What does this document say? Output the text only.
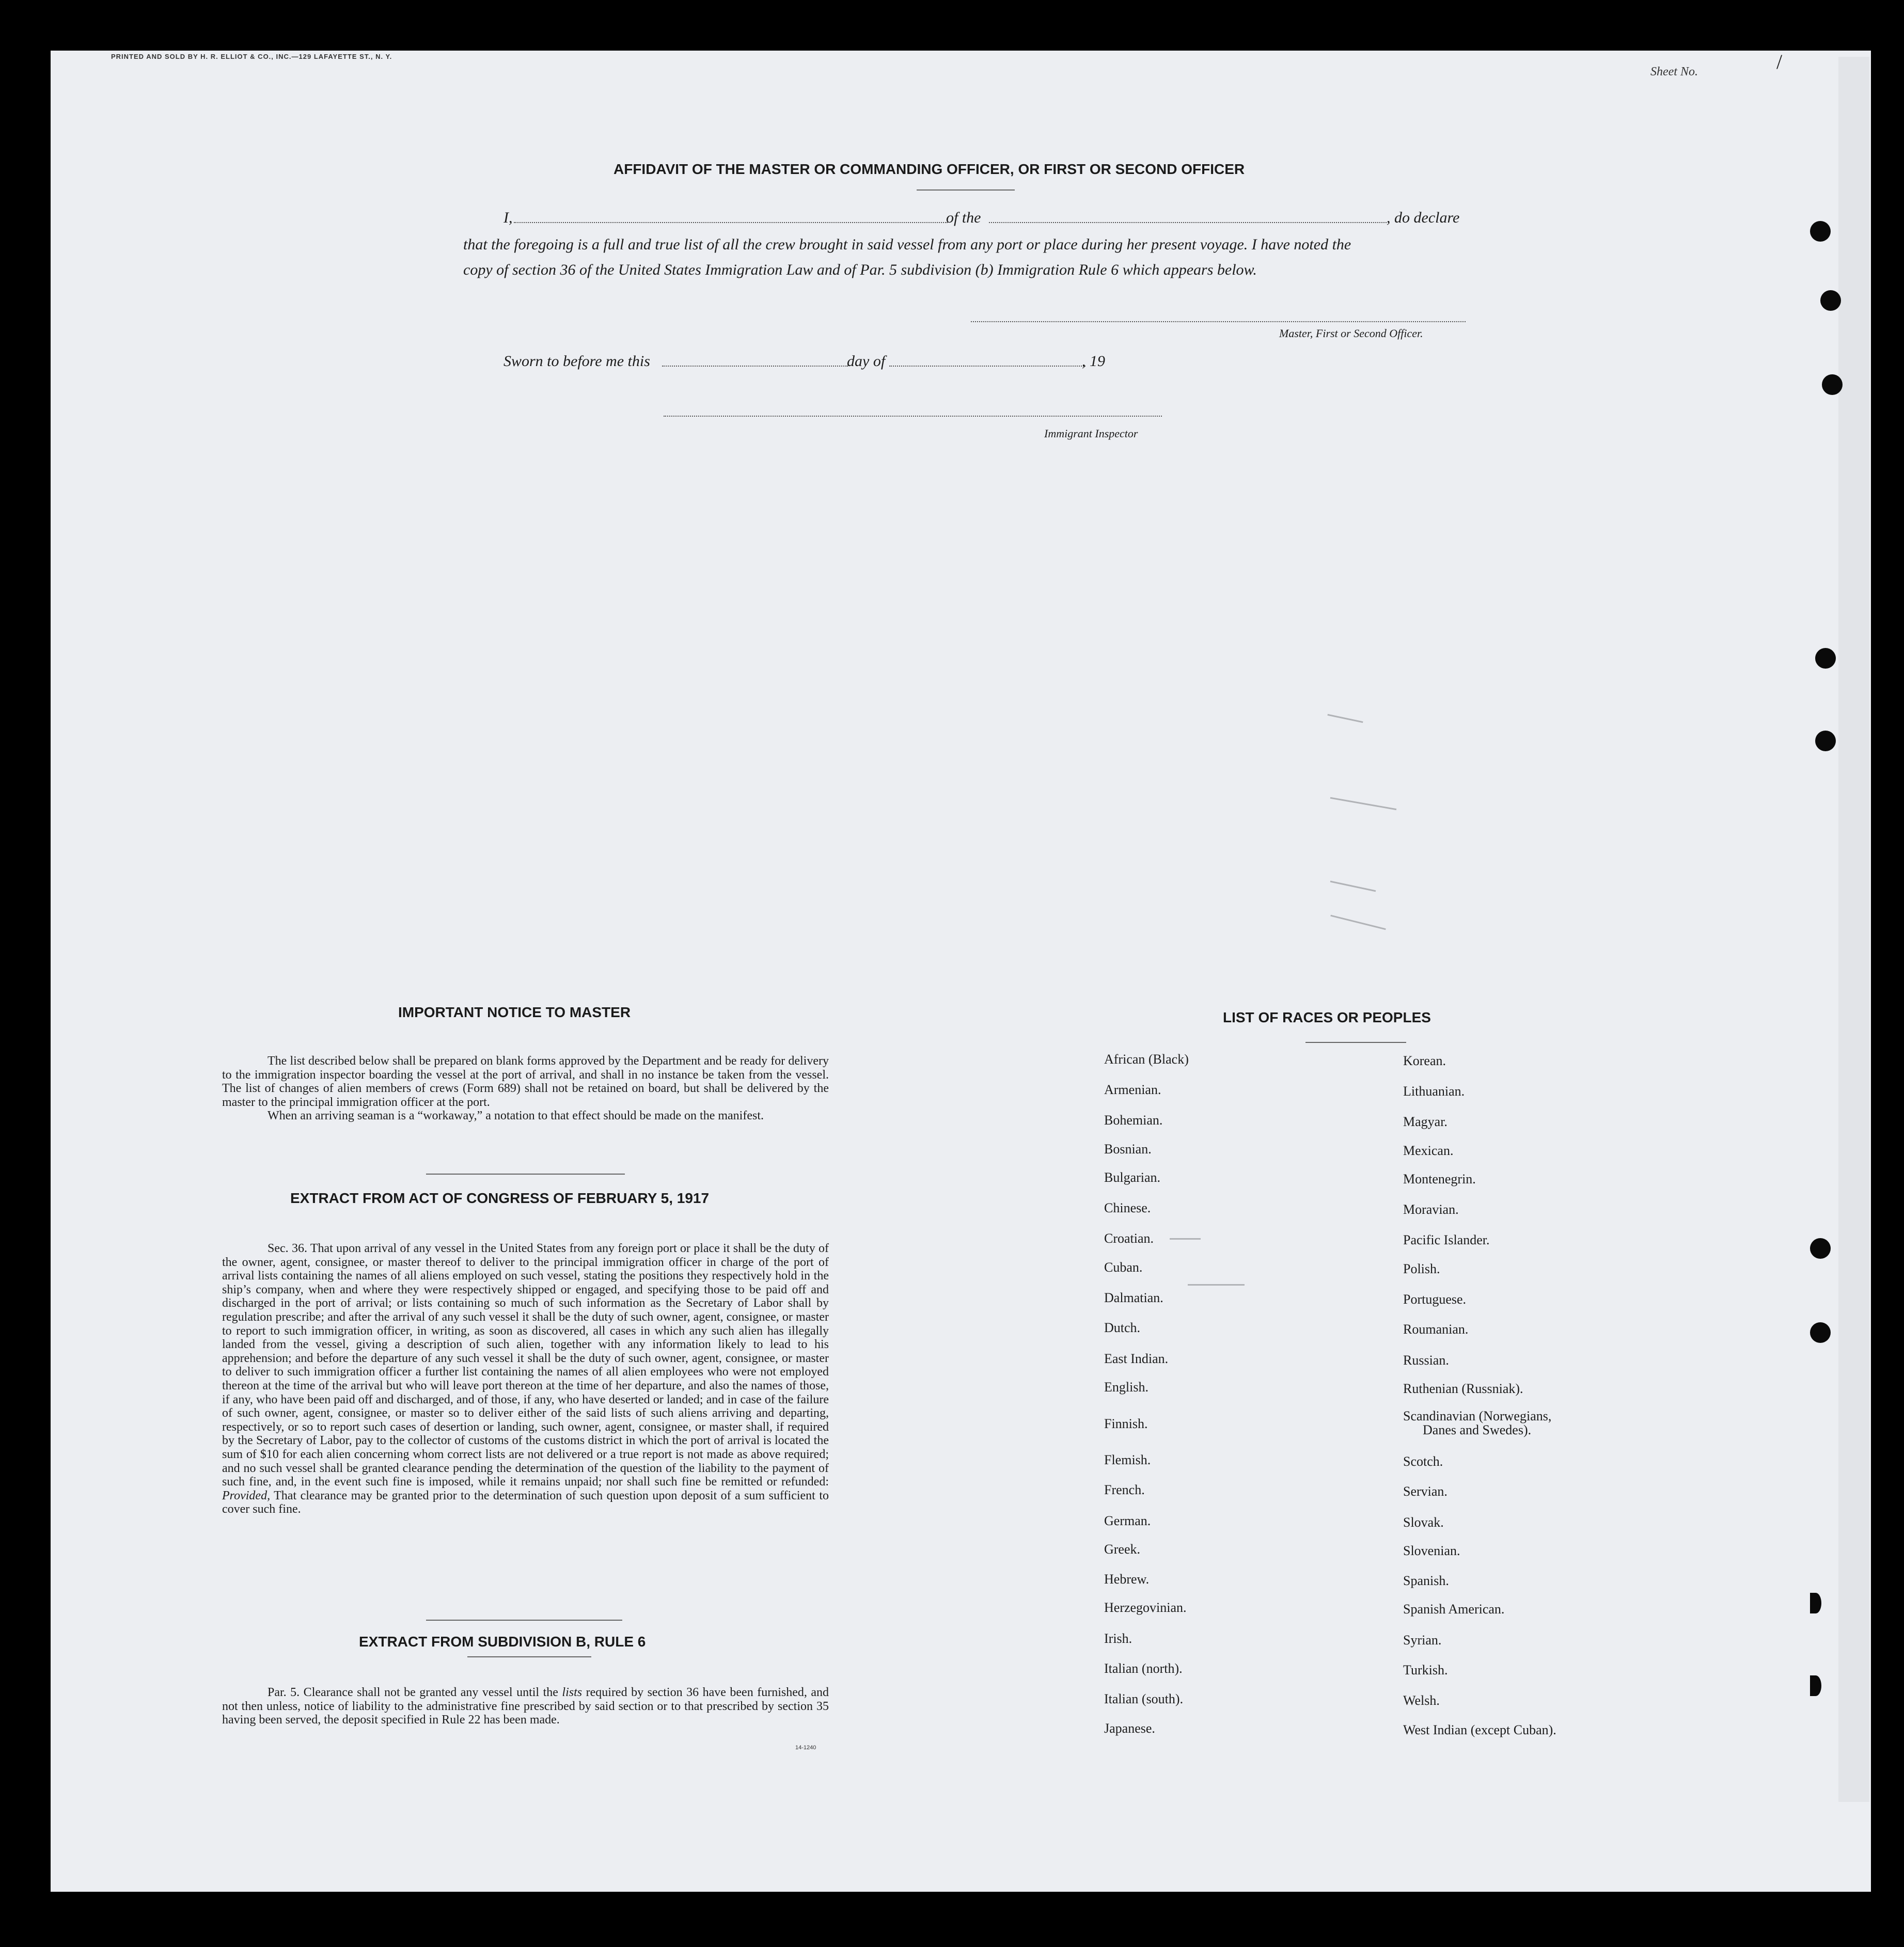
PRINTED AND SOLD BY H. R. ELLIOT & CO., INC.—129 LAFAYETTE ST., N. Y.
Sheet No.	/
AFFIDAVIT OF THE MASTER OR COMMANDING OFFICER, OR FIRST OR SECOND OFFICER
I,	of the	, do declare
that the foregoing is a full and true list of all the crew brought in said vessel from any port or place during her present voyage. I have noted the
copy of section 36 of the United States Immigration Law and of Par. 5 subdivision (b) Immigration Rule 6 which appears below.
Master, First or Second Officer.
Sworn to before me this	day of	, 19
Immigrant Inspector
IMPORTANT NOTICE TO MASTER

The list described below shall be prepared on blank forms approved by the Department and be ready for delivery to the immigration inspector boarding the vessel at the port of arrival, and shall in no instance be taken from the vessel. The list of changes of alien members of crews (Form 689) shall not be retained on board, but shall be delivered by the master to the principal immigration officer at the port.

When an arriving seaman is a “workaway,” a notation to that effect should be made on the manifest.

EXTRACT FROM ACT OF CONGRESS OF FEBRUARY 5, 1917

Sec. 36. That upon arrival of any vessel in the United States from any foreign port or place it shall be the duty of the owner, agent, consignee, or master thereof to deliver to the principal immigration officer in charge of the port of arrival lists containing the names of all aliens employed on such vessel, stating the positions they respectively hold in the ship’s company, when and where they were respectively shipped or engaged, and specifying those to be paid off and discharged in the port of arrival; or lists containing so much of such information as the Secretary of Labor shall by regulation prescribe; and after the arrival of any such vessel it shall be the duty of such owner, agent, consignee, or master to report to such immigration officer, in writing, as soon as discovered, all cases in which any such alien has illegally landed from the vessel, giving a description of such alien, together with any information likely to lead to his apprehension; and before the departure of any such vessel it shall be the duty of such owner, agent, consignee, or master to deliver to such immigration officer a further list containing the names of all alien employees who were not employed thereon at the time of the arrival but who will leave port thereon at the time of her departure, and also the names of those, if any, who have been paid off and discharged, and of those, if any, who have deserted or landed; and in case of the failure of such owner, agent, consignee, or master so to deliver either of the said lists of such aliens arriving and departing, respectively, or so to report such cases of desertion or landing, such owner, agent, consignee, or master shall, if required by the Secretary of Labor, pay to the collector of customs of the customs district in which the port of arrival is located the sum of $10 for each alien concerning whom correct lists are not delivered or a true report is not made as above required; and no such vessel shall be granted clearance pending the determination of the question of the liability to the payment of such fine, and, in the event such fine is imposed, while it remains unpaid; nor shall such fine be remitted or refunded: Provided, That clearance may be granted prior to the determination of such question upon deposit of a sum sufficient to cover such fine.

EXTRACT FROM SUBDIVISION B, RULE 6

Par. 5. Clearance shall not be granted any vessel until the lists required by section 36 have been furnished, and not then unless, notice of liability to the administrative fine prescribed by said section or to that prescribed by section 35 having been served, the deposit specified in Rule 22 has been made.

14-1240
LIST OF RACES OR PEOPLES
African (Black)
Armenian.
Bohemian.
Bosnian.
Bulgarian.
Chinese.
Croatian.
Cuban.
Dalmatian.
Dutch.
East Indian.
English.
Finnish.
Flemish.
French.
German.
Greek.
Hebrew.
Herzegovinian.
Irish.
Italian (north).
Italian (south).
Japanese.
Korean.
Lithuanian.
Magyar.
Mexican.
Montenegrin.
Moravian.
Pacific Islander.
Polish.
Portuguese.
Roumanian.
Russian.
Ruthenian (Russniak).
Scandinavian (Norwegians,
Danes and Swedes).
Scotch.
Servian.
Slovak.
Slovenian.
Spanish.
Spanish American.
Syrian.
Turkish.
Welsh.
West Indian (except Cuban).
